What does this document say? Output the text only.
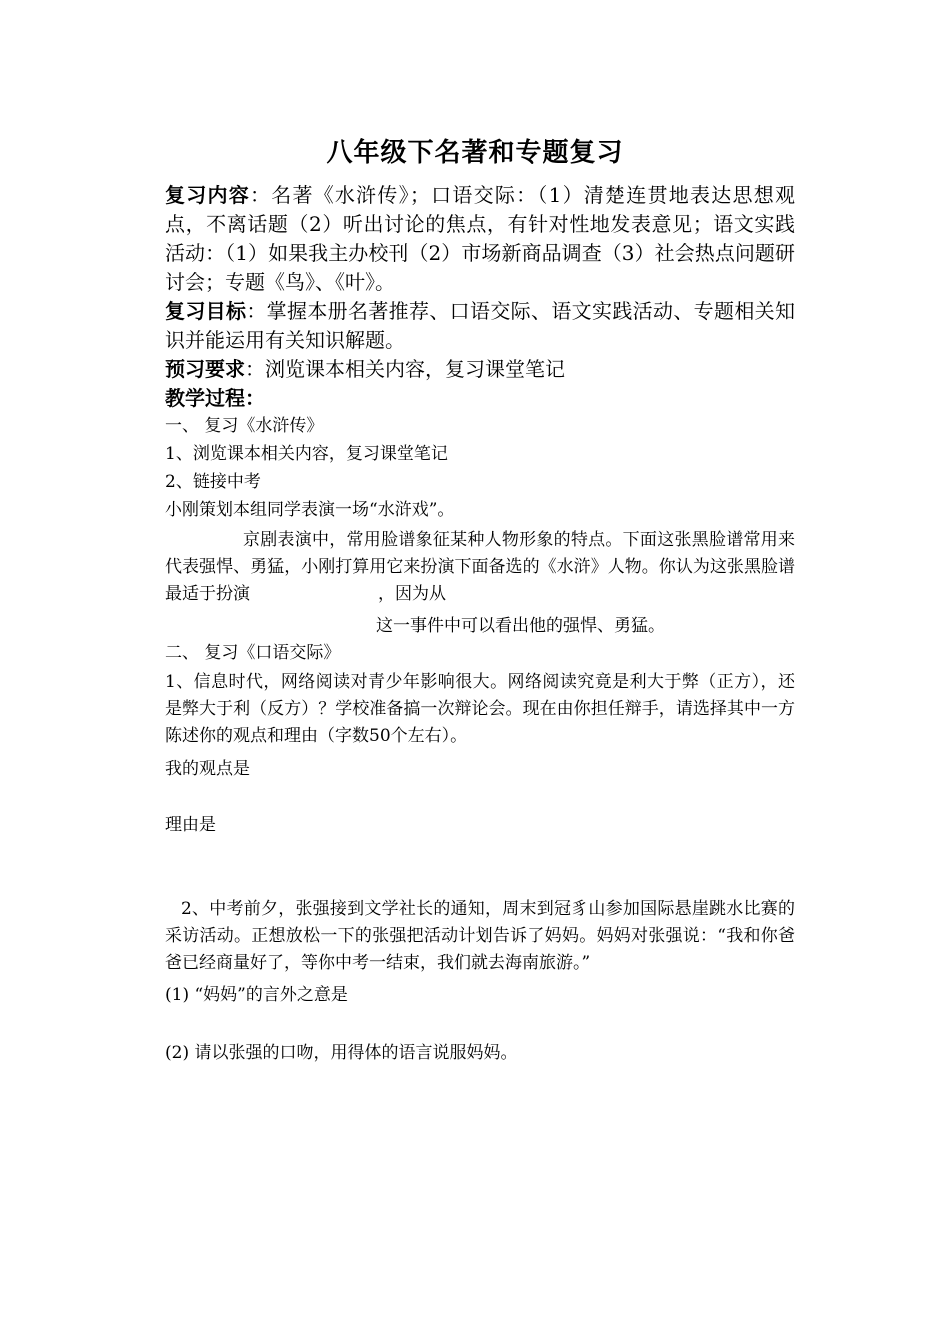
八年级下名著和专题复习
复习内容：名著《水浒传》；口语交际：（1）清楚连贯地表达思想观点，不离话题（2）听出讨论的焦点，有针对性地发表意见；语文实践活动：（1）如果我主办校刊（2）市场新商品调查（3）社会热点问题研讨会；专题《鸟》、《叶》。
复习目标：掌握本册名著推荐、口语交际、语文实践活动、专题相关知识并能运用有关知识解题。
预习要求：浏览课本相关内容，复习课堂笔记
教学过程：
一、 复习《水浒传》
1、浏览课本相关内容，复习课堂笔记
2、链接中考
小刚策划本组同学表演一场“水浒戏”。
京剧表演中，常用脸谱象征某种人物形象的特点。下面这张黑脸谱常用来代表强悍、勇猛，小刚打算用它来扮演下面备选的《水浒》人物。你认为这张黑脸谱最适于扮演	，因为从
这一事件中可以看出他的强悍、勇猛。
二、 复习《口语交际》
1、信息时代，网络阅读对青少年影响很大。网络阅读究竟是利大于弊（正方），还是弊大于利（反方）？学校准备搞一次辩论会。现在由你担任辩手，请选择其中一方陈述你的观点和理由（字数50个左右）。
我的观点是
理由是
2、中考前夕，张强接到文学社长的通知，周末到冠豸山参加国际悬崖跳水比赛的采访活动。正想放松一下的张强把活动计划告诉了妈妈。妈妈对张强说：“我和你爸爸已经商量好了，等你中考一结束，我们就去海南旅游。”
(1) “妈妈”的言外之意是
(2) 请以张强的口吻，用得体的语言说服妈妈。
